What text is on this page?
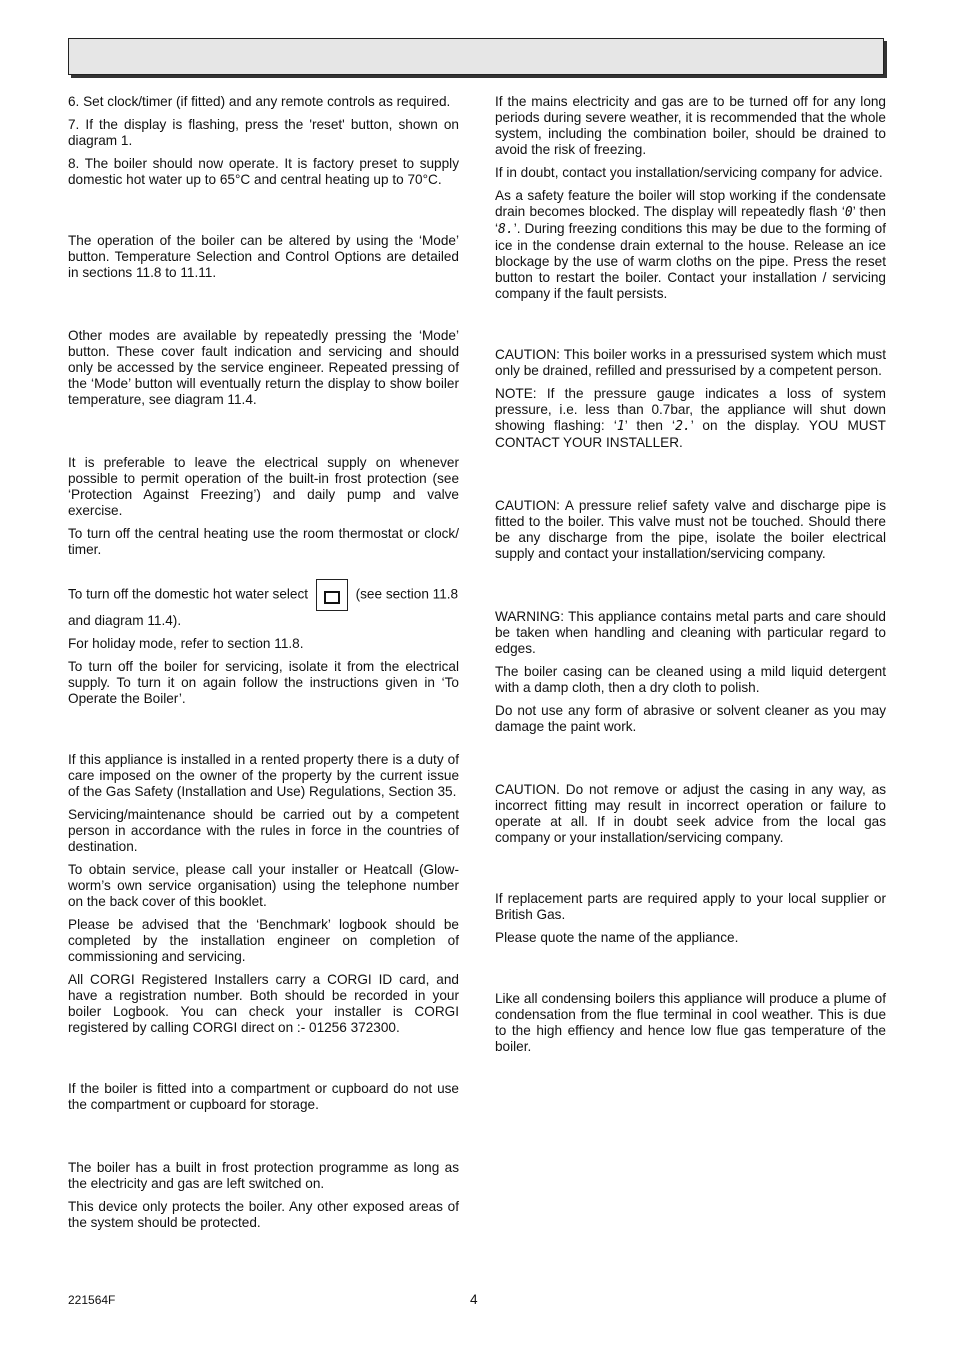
6. Set clock/timer (if fitted) and any remote controls as required.

7. If the display is flashing, press the 'reset' button, shown on diagram 1.

8. The boiler should now operate. It is factory preset to supply domestic hot water up to 65°C and central heating up to 70°C.

The operation of the boiler can be altered by using the ‘Mode’ button. Temperature Selection and Control Options are detailed in sections 11.8 to 11.11.

Other modes are available by repeatedly pressing the ‘Mode’ button. These cover fault indication and servicing and should only be accessed by the service engineer. Repeated pressing of the ‘Mode’ button will eventually return the display to show boiler temperature, see diagram 11.4.

It is preferable to leave the electrical supply on whenever possible to permit operation of the built-in frost protection (see ‘Protection Against Freezing’) and daily pump and valve exercise.

To turn off the central heating use the room thermostat or clock/ timer.

To turn off the domestic hot water select	(see section 11.8

and diagram 11.4).

For holiday mode, refer to section 11.8.

To turn off the boiler for servicing, isolate it from the electrical supply. To turn it on again follow the instructions given in ‘To Operate the Boiler’.

If this appliance is installed in a rented property there is a duty of care imposed on the owner of the property by the current issue of the Gas Safety (Installation and Use) Regulations, Section 35.

Servicing/maintenance should be carried out by a competent person in accordance with the rules in force in the countries of destination.

To obtain service, please call your installer or Heatcall (Glow-worm’s own service organisation) using the telephone number on the back cover of this booklet.

Please be advised that the ‘Benchmark’ logbook should be completed by the installation engineer on completion of commissioning and servicing.

All CORGI Registered Installers carry a CORGI ID card, and have a registration number. Both should be recorded in your boiler Logbook. You can check your installer is CORGI registered by calling CORGI direct on :- 01256 372300.

If the boiler is fitted into a compartment or cupboard do not use the compartment or cupboard for storage.

The boiler has a built in frost protection programme as long as the electricity and gas are left switched on.

This device only protects the boiler. Any other exposed areas of the system should be protected.

If the mains electricity and gas are to be turned off for any long periods during severe weather, it is recommended that the whole system, including the combination boiler, should be drained to avoid the risk of freezing.

If in doubt, contact you installation/servicing company for advice.

As a safety feature the boiler will stop working if the condensate drain becomes blocked. The display will repeatedly flash ‘0’ then ‘8.’. During freezing conditions this may be due to the forming of ice in the condense drain external to the house. Release an ice blockage by the use of warm cloths on the pipe. Press the reset button to restart the boiler. Contact your installation / servicing company if the fault persists.

CAUTION: This boiler works in a pressurised system which must only be drained, refilled and pressurised by a competent person.

NOTE: If the pressure gauge indicates a loss of system pressure, i.e. less than 0.7bar, the appliance will shut down showing flashing: ‘1’ then ‘2.’ on the display. YOU MUST CONTACT YOUR INSTALLER.

CAUTION: A pressure relief safety valve and discharge pipe is fitted to the boiler. This valve must not be touched. Should there be any discharge from the pipe, isolate the boiler electrical supply and contact your installation/servicing company.

WARNING: This appliance contains metal parts and care should be taken when handling and cleaning with particular regard to edges.

The boiler casing can be cleaned using a mild liquid detergent with a damp cloth, then a dry cloth to polish.

Do not use any form of abrasive or solvent cleaner as you may damage the paint work.

CAUTION. Do not remove or adjust the casing in any way, as incorrect fitting may result in incorrect operation or failure to operate at all. If in doubt seek advice from the local gas company or your installation/servicing company.

If replacement parts are required apply to your local supplier or British Gas.

Please quote the name of the appliance.

Like all condensing boilers this appliance will produce a plume of condensation from the flue terminal in cool weather. This is due to the high effiency and hence low flue gas temperature of the boiler.

221564F	4
